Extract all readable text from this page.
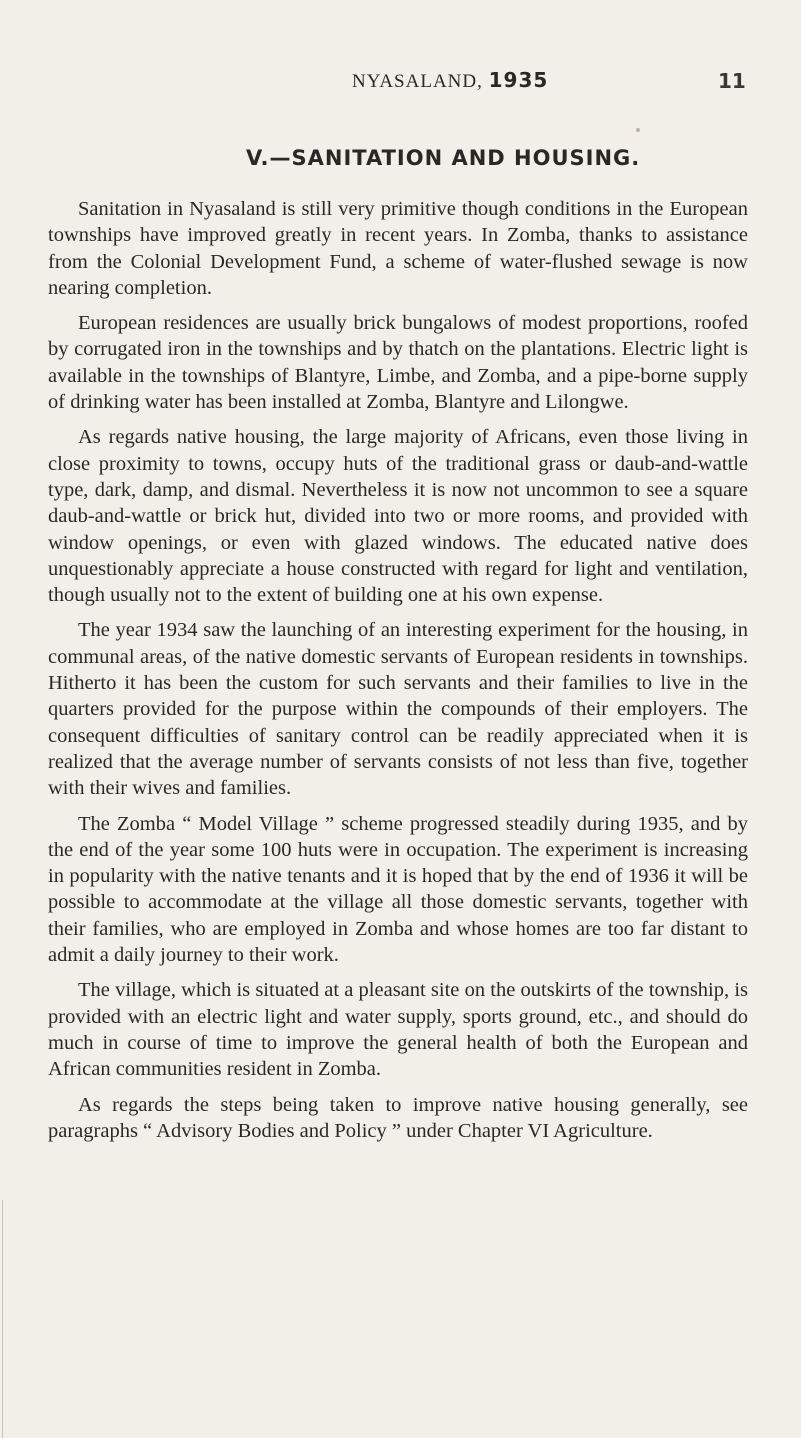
NYASALAND, 1935	11
V.—SANITATION AND HOUSING.

Sanitation in Nyasaland is still very primitive though conditions in the European townships have improved greatly in recent years. In Zomba, thanks to assistance from the Colonial Development Fund, a scheme of water-flushed sewage is now nearing completion.

European residences are usually brick bungalows of modest proportions, roofed by corrugated iron in the townships and by thatch on the plantations. Electric light is available in the townships of Blantyre, Limbe, and Zomba, and a pipe-borne supply of drinking water has been installed at Zomba, Blantyre and Lilongwe.

As regards native housing, the large majority of Africans, even those living in close proximity to towns, occupy huts of the traditional grass or daub-and-wattle type, dark, damp, and dismal. Nevertheless it is now not uncommon to see a square daub-and-wattle or brick hut, divided into two or more rooms, and provided with window openings, or even with glazed windows. The educated native does unquestionably appreciate a house constructed with regard for light and ventilation, though usually not to the extent of building one at his own expense.

The year 1934 saw the launching of an interesting experiment for the housing, in communal areas, of the native domestic servants of European residents in townships. Hitherto it has been the custom for such servants and their families to live in the quarters provided for the purpose within the compounds of their employers. The consequent difficulties of sanitary control can be readily appreciated when it is realized that the average number of servants consists of not less than five, together with their wives and families.

The Zomba “ Model Village ” scheme progressed steadily during 1935, and by the end of the year some 100 huts were in occupation. The experiment is increasing in popularity with the native tenants and it is hoped that by the end of 1936 it will be possible to accommodate at the village all those domestic servants, together with their families, who are employed in Zomba and whose homes are too far distant to admit a daily journey to their work.

The village, which is situated at a pleasant site on the outskirts of the township, is provided with an electric light and water supply, sports ground, etc., and should do much in course of time to improve the general health of both the European and African communities resident in Zomba.

As regards the steps being taken to improve native housing generally, see paragraphs “ Advisory Bodies and Policy ” under Chapter VI Agriculture.
